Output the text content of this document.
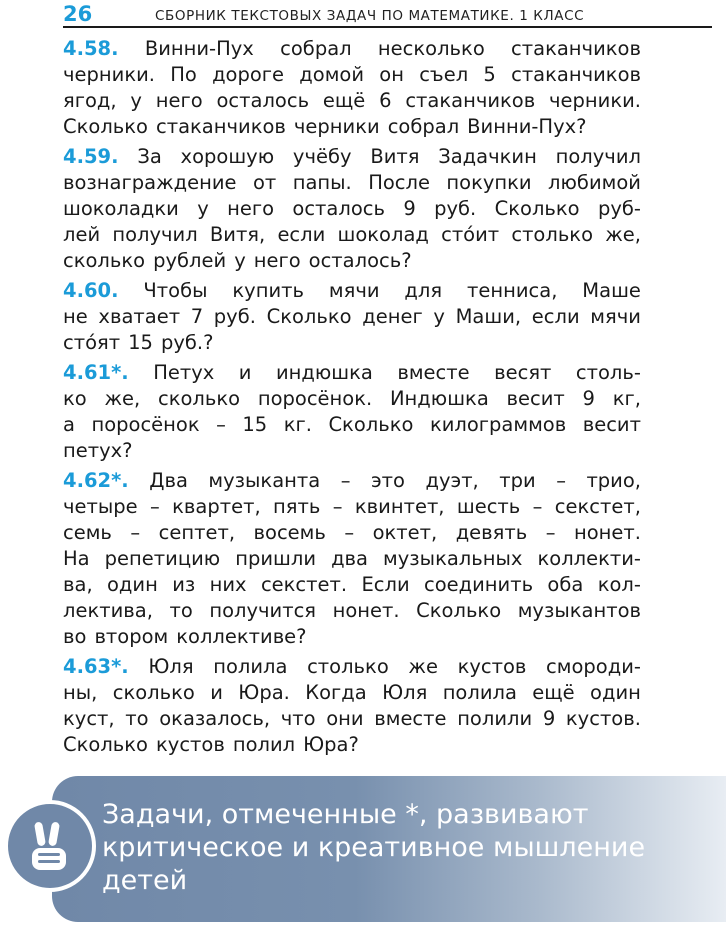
26	СБОРНИК ТЕКСТОВЫХ ЗАДАЧ ПО МАТЕМАТИКЕ. 1 КЛАСС
4.58. Винни-Пух собрал несколько стаканчиков
черники. По дороге домой он съел 5 стаканчиков
ягод, у него осталось ещё 6 стаканчиков черники.
Сколько стаканчиков черники собрал Винни-Пух?
4.59. За хорошую учёбу Витя Задачкин получил
вознаграждение от папы. После покупки любимой
шоколадки у него осталось 9 руб. Сколько руб-
лей получил Витя, если шоколад сто́ит столько же,
сколько рублей у него осталось?
4.60. Чтобы купить мячи для тенниса, Маше
не хватает 7 руб. Сколько денег у Маши, если мячи
сто́ят 15 руб.?
4.61*. Петух и индюшка вместе весят столь-
ко же, сколько поросёнок. Индюшка весит 9 кг,
а поросёнок – 15 кг. Сколько килограммов весит
петух?
4.62*. Два музыканта – это дуэт, три – трио,
четыре – квартет, пять – квинтет, шесть – секстет,
семь – септет, восемь – октет, девять – нонет.
На репетицию пришли два музыкальных коллекти-
ва, один из них секстет. Если соединить оба кол-
лектива, то получится нонет. Сколько музыкантов
во втором коллективе?
4.63*. Юля полила столько же кустов смороди-
ны, сколько и Юра. Когда Юля полила ещё один
куст, то оказалось, что они вместе полили 9 кустов.
Сколько кустов полил Юра?
Задачи, отмеченные *, развивают
критическое и креативное мышление
детей
